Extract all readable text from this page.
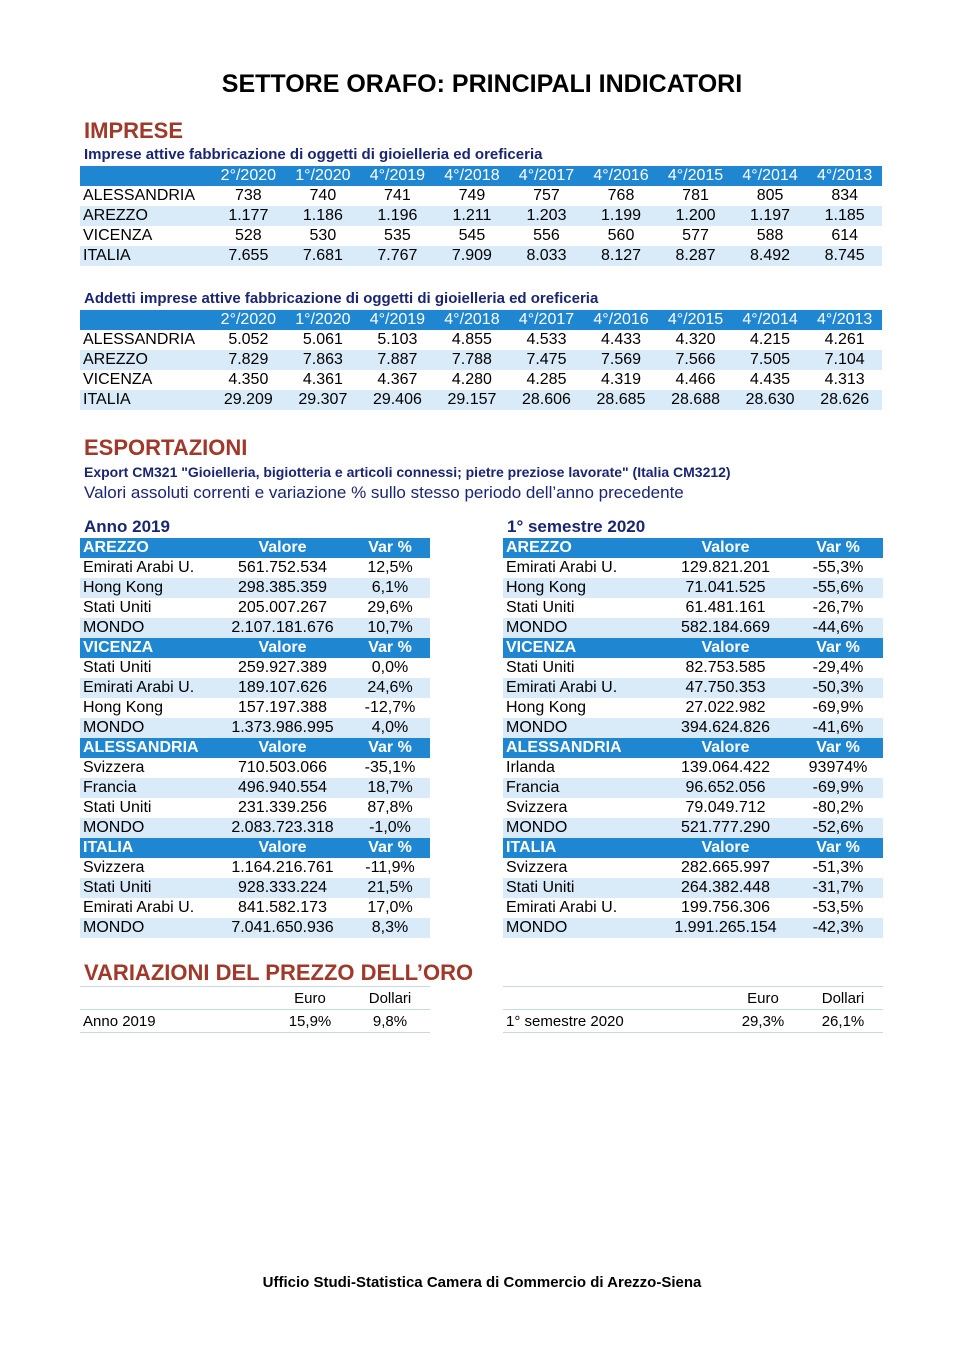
SETTORE ORAFO: PRINCIPALI INDICATORI
IMPRESE
Imprese attive fabbricazione di oggetti di gioielleria ed oreficeria
	2°/2020	1°/2020	4°/2019	4°/2018	4°/2017	4°/2016	4°/2015	4°/2014	4°/2013
ALESSANDRIA	738	740	741	749	757	768	781	805	834
AREZZO	1.177	1.186	1.196	1.211	1.203	1.199	1.200	1.197	1.185
VICENZA	528	530	535	545	556	560	577	588	614
ITALIA	7.655	7.681	7.767	7.909	8.033	8.127	8.287	8.492	8.745
Addetti imprese attive fabbricazione di oggetti di gioielleria ed oreficeria
	2°/2020	1°/2020	4°/2019	4°/2018	4°/2017	4°/2016	4°/2015	4°/2014	4°/2013
ALESSANDRIA	5.052	5.061	5.103	4.855	4.533	4.433	4.320	4.215	4.261
AREZZO	7.829	7.863	7.887	7.788	7.475	7.569	7.566	7.505	7.104
VICENZA	4.350	4.361	4.367	4.280	4.285	4.319	4.466	4.435	4.313
ITALIA	29.209	29.307	29.406	29.157	28.606	28.685	28.688	28.630	28.626
ESPORTAZIONI
Export CM321 "Gioielleria, bigiotteria e articoli connessi; pietre preziose lavorate" (Italia CM3212)
Valori assoluti correnti e variazione % sullo stesso periodo dell’anno precedente
Anno 2019	1° semestre 2020
AREZZO	Valore	Var %
Emirati Arabi U.	561.752.534	12,5%
Hong Kong	298.385.359	6,1%
Stati Uniti	205.007.267	29,6%
MONDO	2.107.181.676	10,7%
VICENZA	Valore	Var %
Stati Uniti	259.927.389	0,0%
Emirati Arabi U.	189.107.626	24,6%
Hong Kong	157.197.388	-12,7%
MONDO	1.373.986.995	4,0%
ALESSANDRIA	Valore	Var %
Svizzera	710.503.066	-35,1%
Francia	496.940.554	18,7%
Stati Uniti	231.339.256	87,8%
MONDO	2.083.723.318	-1,0%
ITALIA	Valore	Var %
Svizzera	1.164.216.761	-11,9%
Stati Uniti	928.333.224	21,5%
Emirati Arabi U.	841.582.173	17,0%
MONDO	7.041.650.936	8,3%
AREZZO	Valore	Var %
Emirati Arabi U.	129.821.201	-55,3%
Hong Kong	71.041.525	-55,6%
Stati Uniti	61.481.161	-26,7%
MONDO	582.184.669	-44,6%
VICENZA	Valore	Var %
Stati Uniti	82.753.585	-29,4%
Emirati Arabi U.	47.750.353	-50,3%
Hong Kong	27.022.982	-69,9%
MONDO	394.624.826	-41,6%
ALESSANDRIA	Valore	Var %
Irlanda	139.064.422	93974%
Francia	96.652.056	-69,9%
Svizzera	79.049.712	-80,2%
MONDO	521.777.290	-52,6%
ITALIA	Valore	Var %
Svizzera	282.665.997	-51,3%
Stati Uniti	264.382.448	-31,7%
Emirati Arabi U.	199.756.306	-53,5%
MONDO	1.991.265.154	-42,3%
VARIAZIONI DEL PREZZO DELL’ORO
	Euro	Dollari
Anno 2019	15,9%	9,8%
	Euro	Dollari
1° semestre 2020	29,3%	26,1%
Ufficio Studi-Statistica Camera di Commercio di Arezzo-Siena
